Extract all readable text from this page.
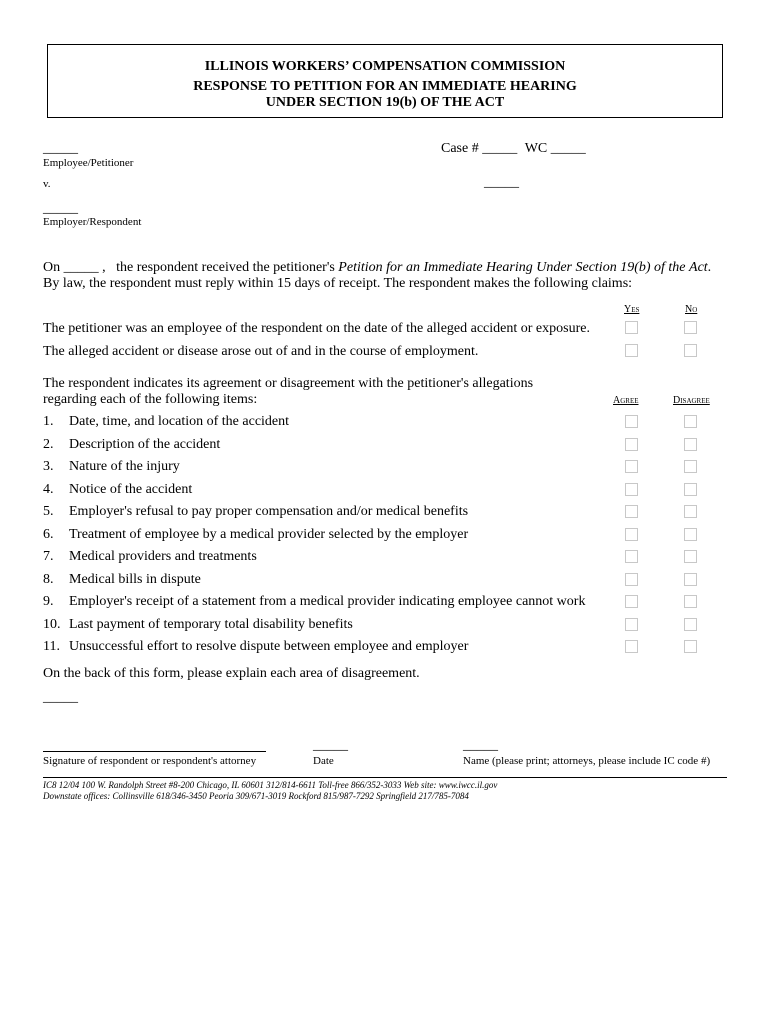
ILLINOIS WORKERS’ COMPENSATION COMMISSION
RESPONSE TO PETITION FOR AN IMMEDIATE HEARING
UNDER SECTION 19(b) OF THE ACT
_____
Employee/Petitioner
v.
_____
Employer/Respondent
Case # _____ WC _____
_____
On _____ , the respondent received the petitioner's Petition for an Immediate Hearing Under Section 19(b) of the Act. By law, the respondent must reply within 15 days of receipt. The respondent makes the following claims:
Yes	No
The petitioner was an employee of the respondent on the date of the alleged accident or exposure.
The alleged accident or disease arose out of and in the course of employment.
The respondent indicates its agreement or disagreement with the petitioner's allegations
regarding each of the following items:	Agree	Disagree
1. Date, time, and location of the accident
2. Description of the accident
3. Nature of the injury
4. Notice of the accident
5. Employer's refusal to pay proper compensation and/or medical benefits
6. Treatment of employee by a medical provider selected by the employer
7. Medical providers and treatments
8. Medical bills in dispute
9. Employer's receipt of a statement from a medical provider indicating employee cannot work
10. Last payment of temporary total disability benefits
11. Unsuccessful effort to resolve dispute between employee and employer
On the back of this form, please explain each area of disagreement.
_____
_____	_____
Signature of respondent or respondent's attorney	Date	Name (please print; attorneys, please include IC code #)
IC8 12/04 100 W. Randolph Street #8-200 Chicago, IL 60601 312/814-6611 Toll-free 866/352-3033 Web site: www.iwcc.il.gov
Downstate offices: Collinsville 618/346-3450 Peoria 309/671-3019 Rockford 815/987-7292 Springfield 217/785-7084
